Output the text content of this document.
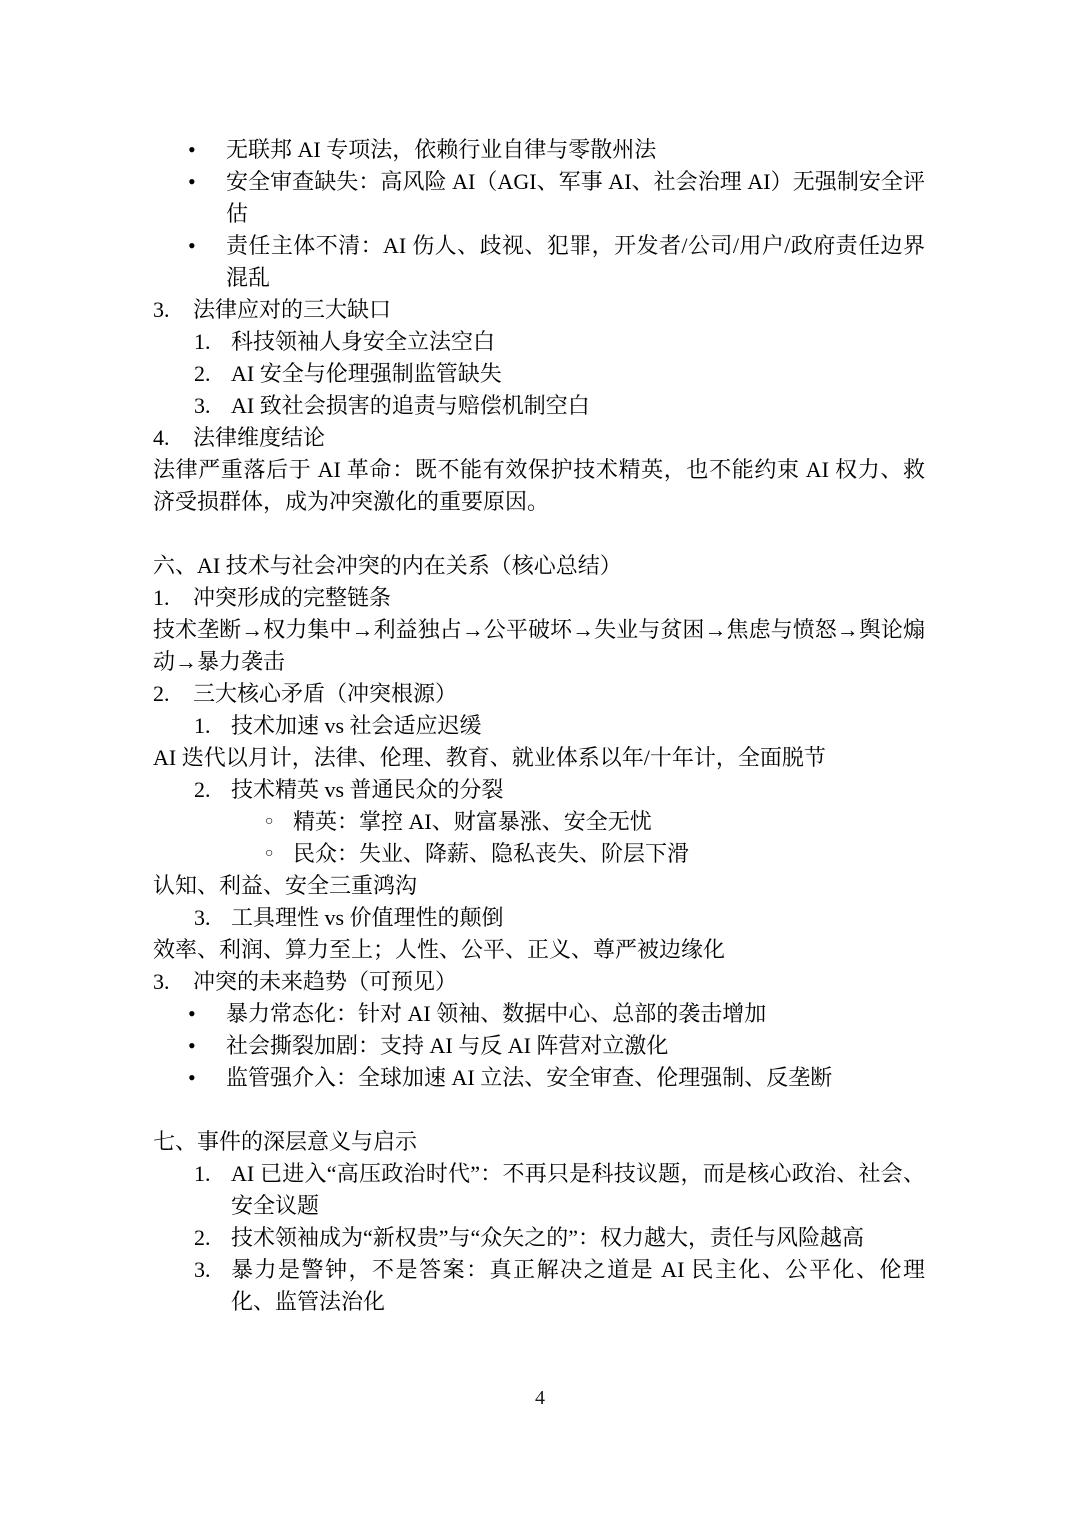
•	无联邦 AI 专项法，依赖行业自律与零散州法
•	安全审查缺失：高风险 AI（AGI、军事 AI、社会治理 AI）无强制安全评估
•	责任主体不清：AI 伤人、歧视、犯罪，开发者/公司/用户/政府责任边界混乱
3.	法律应对的三大缺口
1. 科技领袖人身安全立法空白
2. AI 安全与伦理强制监管缺失
3. AI 致社会损害的追责与赔偿机制空白
4.	法律维度结论
法律严重落后于 AI 革命：既不能有效保护技术精英，也不能约束 AI 权力、救济受损群体，成为冲突激化的重要原因。
六、AI 技术与社会冲突的内在关系（核心总结）
1.	冲突形成的完整链条
技术垄断→权力集中→利益独占→公平破坏→失业与贫困→焦虑与愤怒→舆论煽动→暴力袭击
2.	三大核心矛盾（冲突根源）
1. 技术加速 vs 社会适应迟缓
AI 迭代以月计，法律、伦理、教育、就业体系以年/十年计，全面脱节
2. 技术精英 vs 普通民众的分裂
○ 精英：掌控 AI、财富暴涨、安全无忧
○ 民众：失业、降薪、隐私丧失、阶层下滑
认知、利益、安全三重鸿沟
3. 工具理性 vs 价值理性的颠倒
效率、利润、算力至上；人性、公平、正义、尊严被边缘化
3.	冲突的未来趋势（可预见）
•	暴力常态化：针对 AI 领袖、数据中心、总部的袭击增加
•	社会撕裂加剧：支持 AI 与反 AI 阵营对立激化
•	监管强介入：全球加速 AI 立法、安全审查、伦理强制、反垄断
七、事件的深层意义与启示
1. AI 已进入“高压政治时代”：不再只是科技议题，而是核心政治、社会、安全议题
2. 技术领袖成为“新权贵”与“众矢之的”：权力越大，责任与风险越高
3. 暴力是警钟，不是答案：真正解决之道是 AI 民主化、公平化、伦理化、监管法治化
4
